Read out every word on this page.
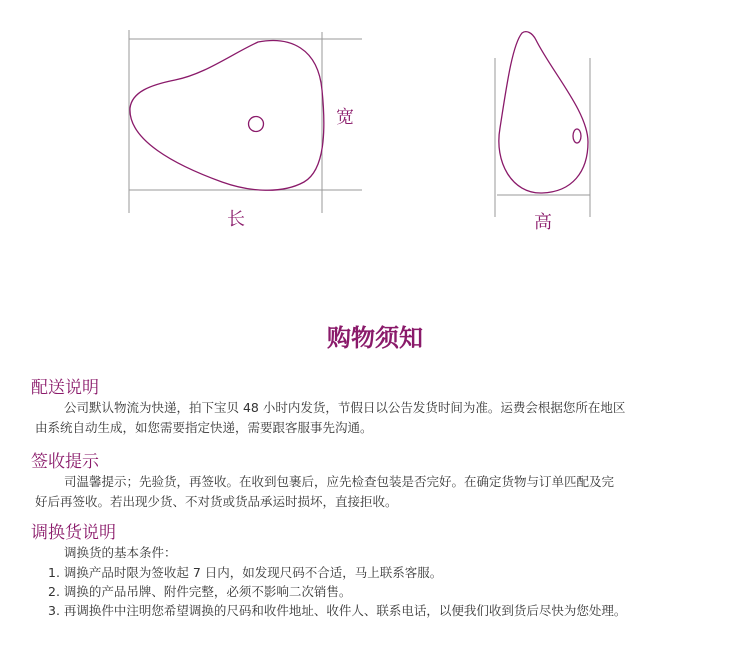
宽
长	高
购物须知
配送说明
公司默认物流为快递，拍下宝贝 48 小时内发货，节假日以公告发货时间为准。运费会根据您所在地区
由系统自动生成，如您需要指定快递，需要跟客服事先沟通。
签收提示
司温馨提示；先验货，再签收。在收到包裹后，应先检查包装是否完好。在确定货物与订单匹配及完
好后再签收。若出现少货、不对货或货品承运时损坏，直接拒收。
调换货说明
调换货的基本条件：
1. 调换产品时限为签收起 7 日内，如发现尺码不合适，马上联系客服。
2. 调换的产品吊牌、附件完整，必须不影响二次销售。
3. 再调换件中注明您希望调换的尺码和收件地址、收件人、联系电话，以便我们收到货后尽快为您处理。
